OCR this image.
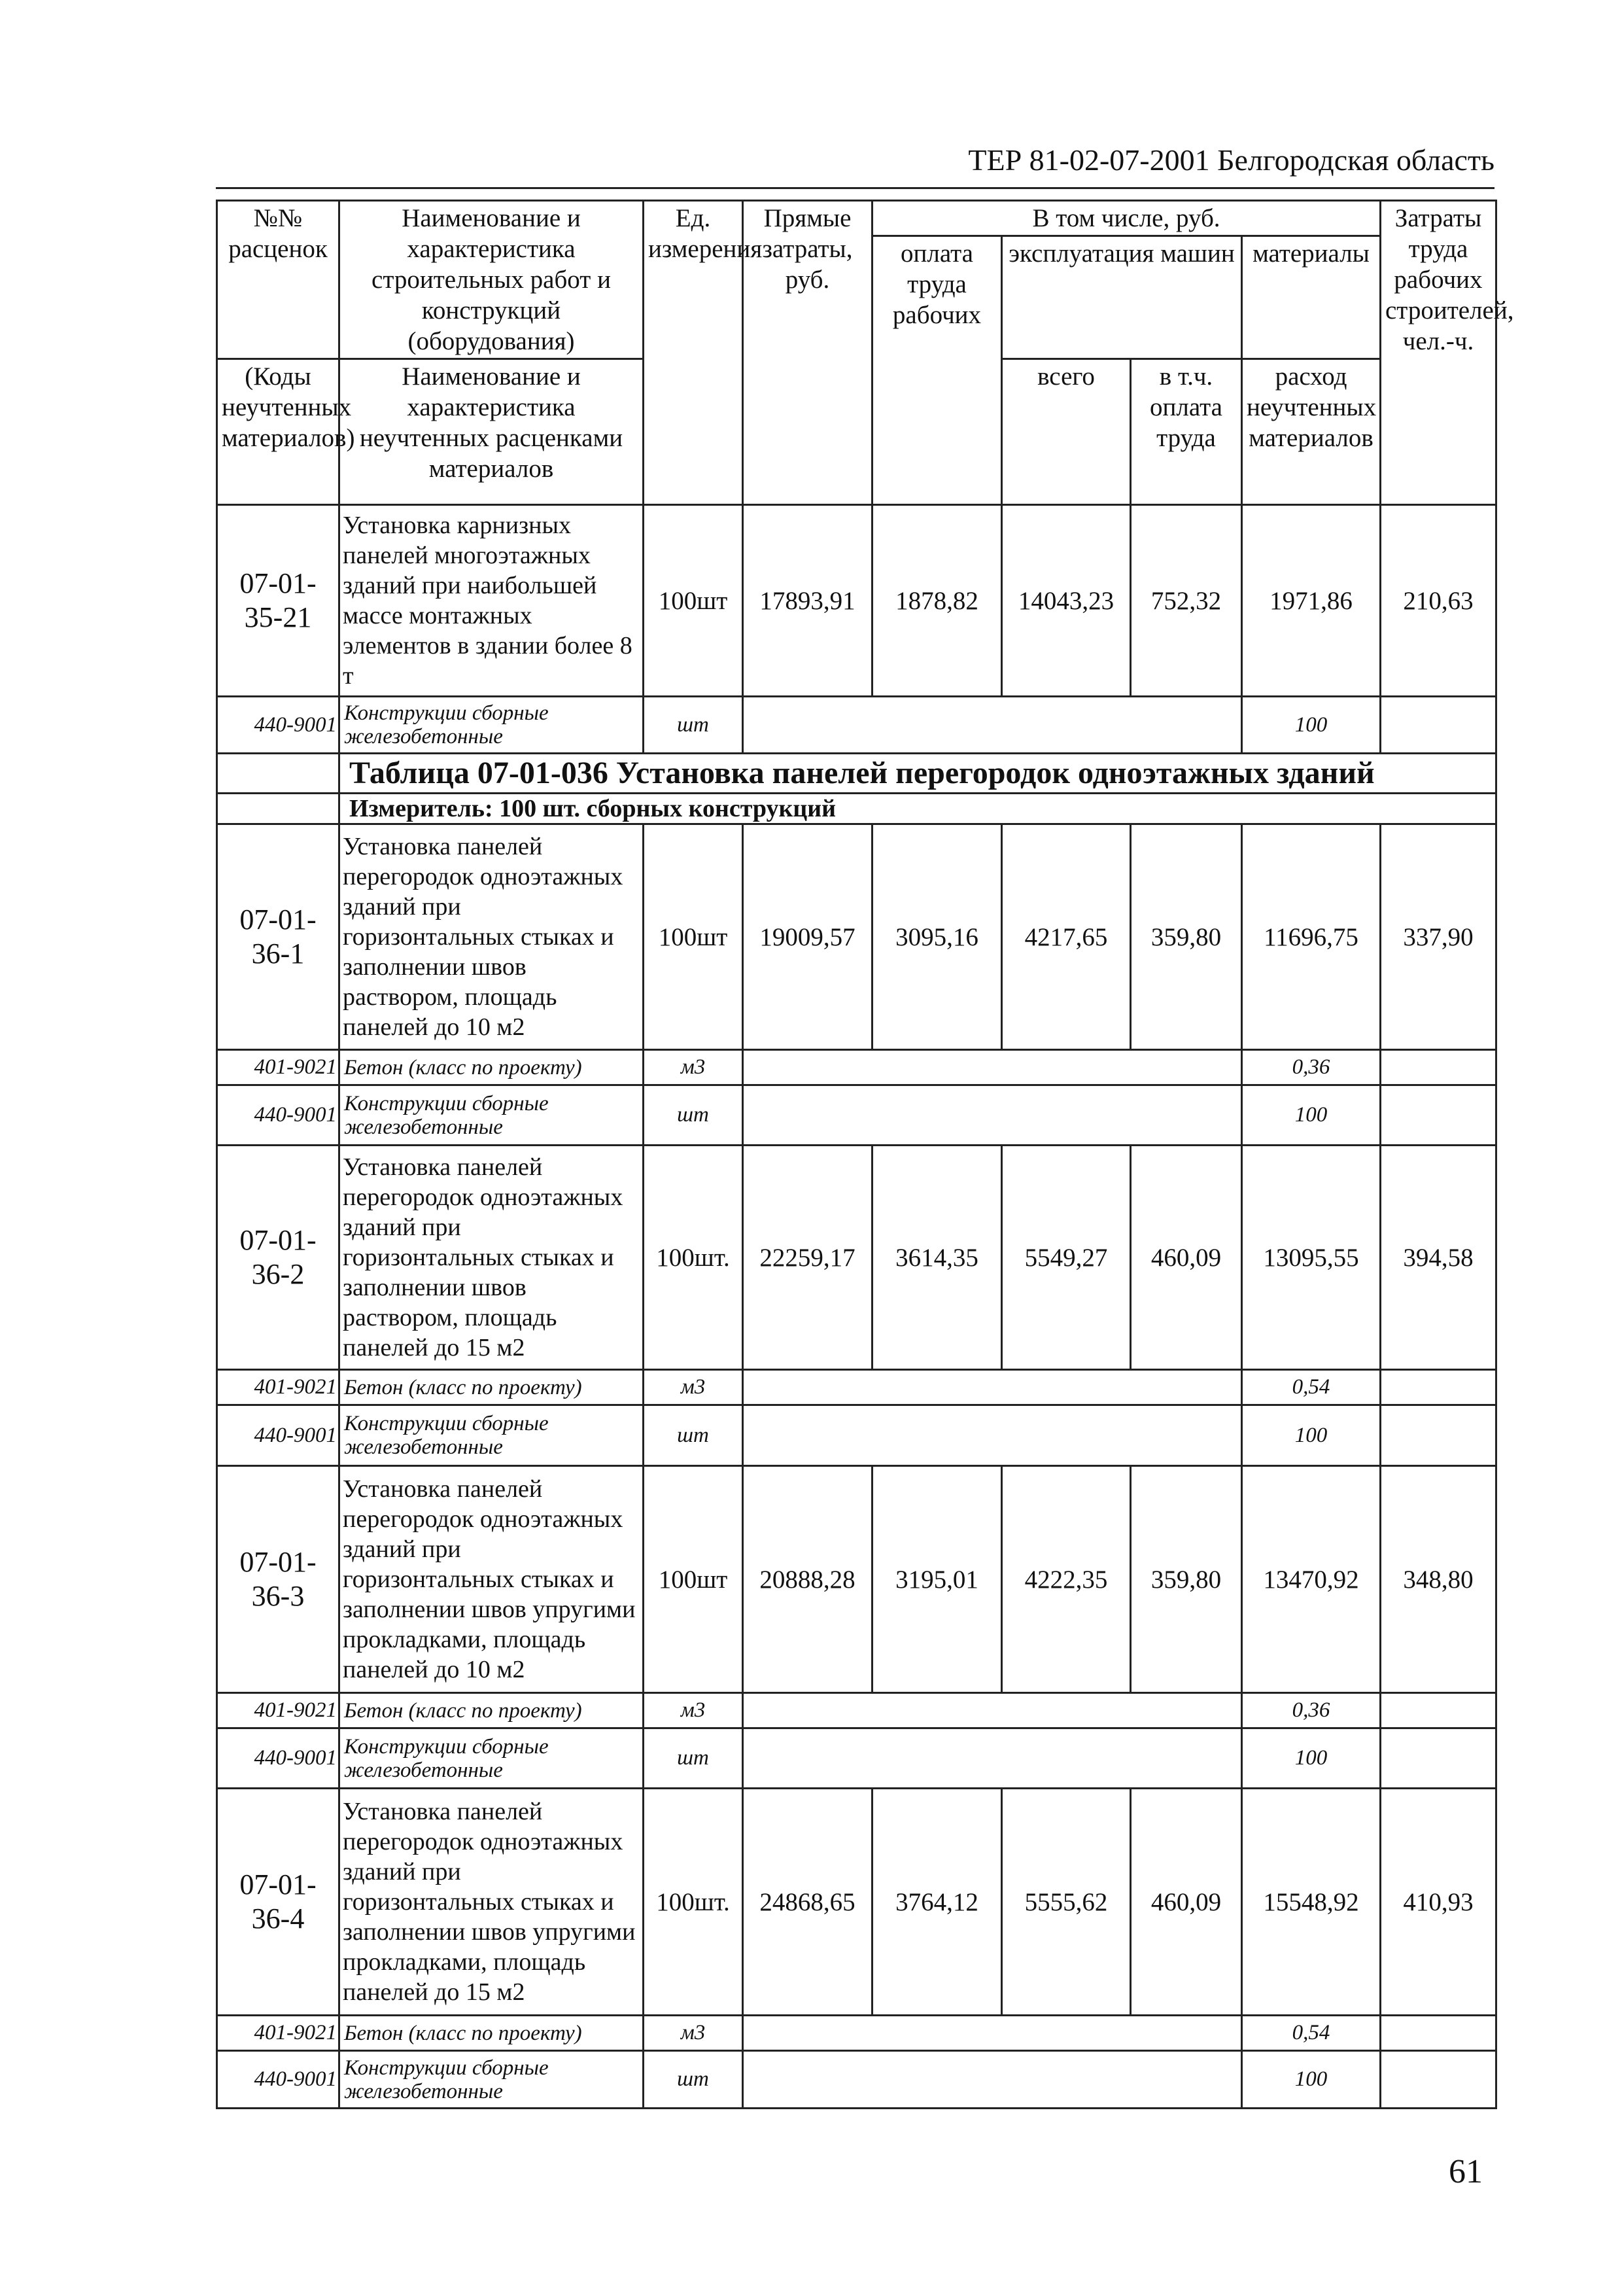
ТЕР 81-02-07-2001 Белгородская область
№№ расценок	Наименование и характеристика строительных работ и конструкций (оборудования)	Ед. измерения	Прямые затраты, руб.	В том числе, руб.				Затраты труда рабочих строителей, чел.-ч.
				оплата труда рабочих	эксплуатация машин		материалы	

(Коды неучтенных материалов)	Наименование и характеристика неучтенных расценками материалов				всего	в т.ч. оплата труда	расход неучтенных материалов	

07-01-35-21	Установка карнизных панелей многоэтажных зданий при наибольшей массе монтажных элементов в здании более 8 т	100шт	17893,91	1878,82	14043,23	752,32	1971,86	210,63
440-9001	Конструкции сборные железобетонные	шт					100	
	Таблица 07-01-036 Установка панелей перегородок одноэтажных зданий							
	Измеритель: 100 шт. сборных конструкций							
07-01-36-1	Установка панелей перегородок одноэтажных зданий при горизонтальных стыках и заполнении швов раствором, площадь панелей до 10 м2	100шт	19009,57	3095,16	4217,65	359,80	11696,75	337,90
401-9021	Бетон (класс по проекту)	м3					0,36	
440-9001	Конструкции сборные железобетонные	шт					100	
07-01-36-2	Установка панелей перегородок одноэтажных зданий при горизонтальных стыках и заполнении швов раствором, площадь панелей до 15 м2	100шт.	22259,17	3614,35	5549,27	460,09	13095,55	394,58
401-9021	Бетон (класс по проекту)	м3					0,54	
440-9001	Конструкции сборные железобетонные	шт					100	
07-01-36-3	Установка панелей перегородок одноэтажных зданий при горизонтальных стыках и заполнении швов упругими прокладками, площадь панелей до 10 м2	100шт	20888,28	3195,01	4222,35	359,80	13470,92	348,80
401-9021	Бетон (класс по проекту)	м3					0,36	
440-9001	Конструкции сборные железобетонные	шт					100	
07-01-36-4	Установка панелей перегородок одноэтажных зданий при горизонтальных стыках и заполнении швов упругими прокладками, площадь панелей до 15 м2	100шт.	24868,65	3764,12	5555,62	460,09	15548,92	410,93
401-9021	Бетон (класс по проекту)	м3					0,54	
440-9001	Конструкции сборные железобетонные	шт					100	
61
